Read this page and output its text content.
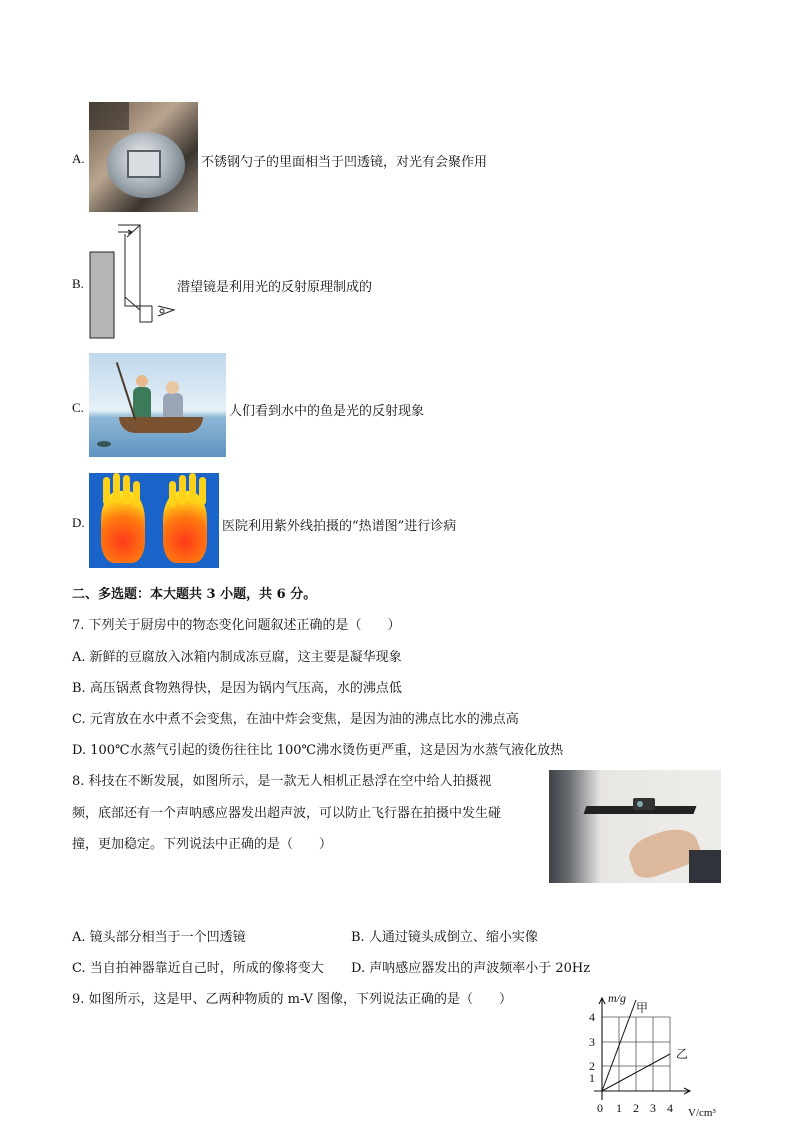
A.	不锈钢勺子的里面相当于凹透镜，对光有会聚作用
B.	潜望镜是利用光的反射原理制成的
C.	人们看到水中的鱼是光的反射现象
D.	医院利用紫外线拍摄的“热谱图”进行诊病
二、多选题：本大题共 3 小题，共 6 分。
7. 下列关于厨房中的物态变化问题叙述正确的是（　　）
A. 新鲜的豆腐放入冰箱内制成冻豆腐，这主要是凝华现象
B. 高压锅煮食物熟得快，是因为锅内气压高，水的沸点低
C. 元宵放在水中煮不会变焦，在油中炸会变焦，是因为油的沸点比水的沸点高
D. 100℃水蒸气引起的烫伤往往比 100℃沸水烫伤更严重，这是因为水蒸气液化放热
8. 科技在不断发展，如图所示，是一款无人相机正悬浮在空中给人拍摄视
频，底部还有一个声呐感应器发出超声波，可以防止飞行器在拍摄中发生碰
撞，更加稳定。下列说法中正确的是（　　）
A. 镜头部分相当于一个凹透镜	B. 人通过镜头成倒立、缩小实像
C. 当自拍神器靠近自己时，所成的像将变大 D. 声呐感应器发出的声波频率小于 20Hz
9. 如图所示，这是甲、乙两种物质的 m-V 图像，下列说法正确的是（　　）	m/g
V/cm³
4
3
2
1
0 1 2 3 4
甲
乙
